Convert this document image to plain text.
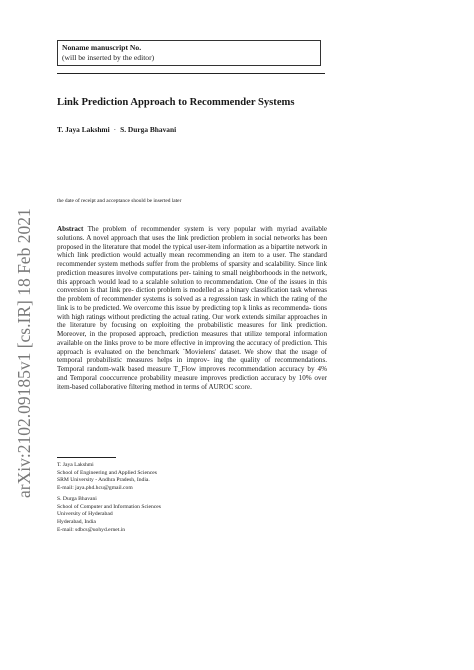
arXiv:2102.09185v1 [cs.IR] 18 Feb 2021
Noname manuscript No.
(will be inserted by the editor)
Link Prediction Approach to Recommender Systems
T. Jaya Lakshmi · S. Durga Bhavani
the date of receipt and acceptance should be inserted later
Abstract The problem of recommender system is very popular with myriad available solutions. A novel approach that uses the link prediction problem in social networks has been proposed in the literature that model the typical user-item information as a bipartite network in which link prediction would actually mean recommending an item to a user. The standard recommender system methods suffer from the problems of sparsity and scalability. Since link prediction measures involve computations per- taining to small neighborhoods in the network, this approach would lead to a scalable solution to recommendation. One of the issues in this conversion is that link pre- diction problem is modelled as a binary classification task whereas the problem of recommender systems is solved as a regression task in which the rating of the link is to be predicted. We overcome this issue by predicting top k links as recommenda- tions with high ratings without predicting the actual rating. Our work extends similar approaches in the literature by focusing on exploiting the probabilistic measures for link prediction. Moreover, in the proposed approach, prediction measures that utilize temporal information available on the links prove to be more effective in improving the accuracy of prediction. This approach is evaluated on the benchmark `Movielens' dataset. We show that the usage of temporal probabilistic measures helps in improv- ing the quality of recommendations. Temporal random-walk based measure T_Flow improves recommendation accuracy by 4% and Temporal cooccurrence probability measure improves prediction accuracy by 10% over item-based collaborative filtering method in terms of AUROC score.
T. Jaya Lakshmi
School of Engineering and Applied Sciences
SRM University - Andhra Pradesh, India.
E-mail: jaya.phd.hcu@gmail.com
S. Durga Bhavani
School of Computer and Information Sciences
University of Hyderabad
Hyderabad, India
E-mail: sdbcs@uohyd.ernet.in
